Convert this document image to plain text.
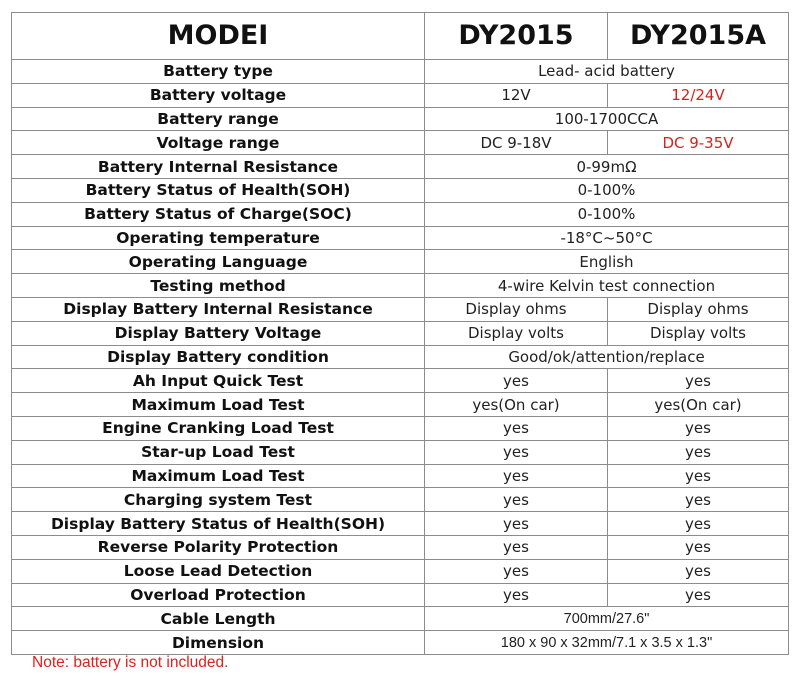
MODEI	DY2015	DY2015A
Battery type	Lead- acid battery	
Battery voltage	12V	12/24V
Battery range	100-1700CCA	
Voltage range	DC 9-18V	DC 9-35V
Battery Internal Resistance	0-99mΩ	
Battery Status of Health(SOH)	0-100%	
Battery Status of Charge(SOC)	0-100%	
Operating temperature	-18°C~50°C	
Operating Language	English	
Testing method	4-wire Kelvin test connection	
Display Battery Internal Resistance	Display ohms	Display ohms
Display Battery Voltage	Display volts	Display volts
Display Battery condition	Good/ok/attention/replace	
Ah Input Quick Test	yes	yes
Maximum Load Test	yes(On car)	yes(On car)
Engine Cranking Load Test	yes	yes
Star-up Load Test	yes	yes
Maximum Load Test	yes	yes
Charging system Test	yes	yes
Display Battery Status of Health(SOH)	yes	yes
Reverse Polarity Protection	yes	yes
Loose Lead Detection	yes	yes
Overload Protection	yes	yes
Cable Length	700mm/27.6"	
Dimension	180 x 90 x 32mm/7.1 x 3.5 x 1.3"	
Note: battery is not included.
